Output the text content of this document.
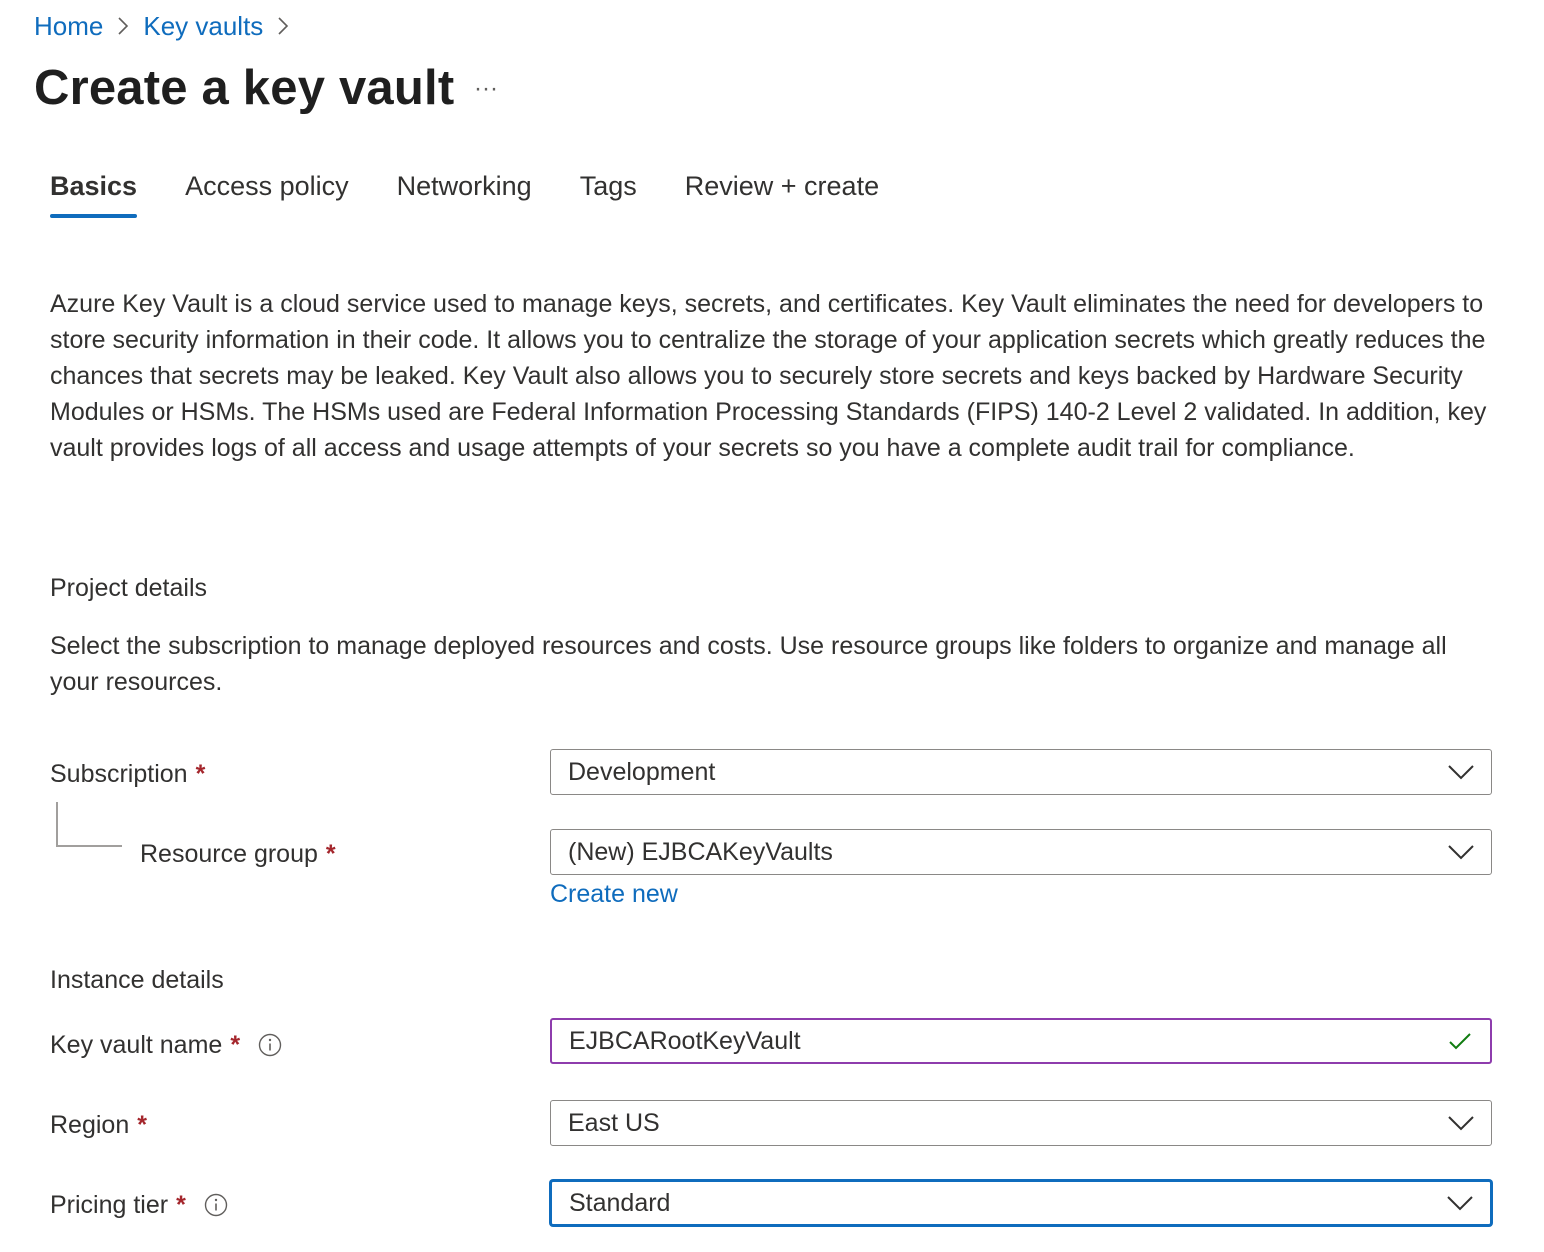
Home Key vaults
Create a key vault ···
Basics Access policy Networking Tags Review + create
Azure Key Vault is a cloud service used to manage keys, secrets, and certificates. Key Vault eliminates the need for developers to store security information in their code. It allows you to centralize the storage of your application secrets which greatly reduces the chances that secrets may be leaked. Key Vault also allows you to securely store secrets and keys backed by Hardware Security Modules or HSMs. The HSMs used are Federal Information Processing Standards (FIPS) 140-2 Level 2 validated. In addition, key vault provides logs of all access and usage attempts of your secrets so you have a complete audit trail for compliance.
Project details
Select the subscription to manage deployed resources and costs. Use resource groups like folders to organize and manage all your resources.
Subscription *	Development
Resource group *	(New) EJBCAKeyVaults
Create new
Instance details
Key vault name *	EJBCARootKeyVault
Region *	East US
Pricing tier *	Standard
